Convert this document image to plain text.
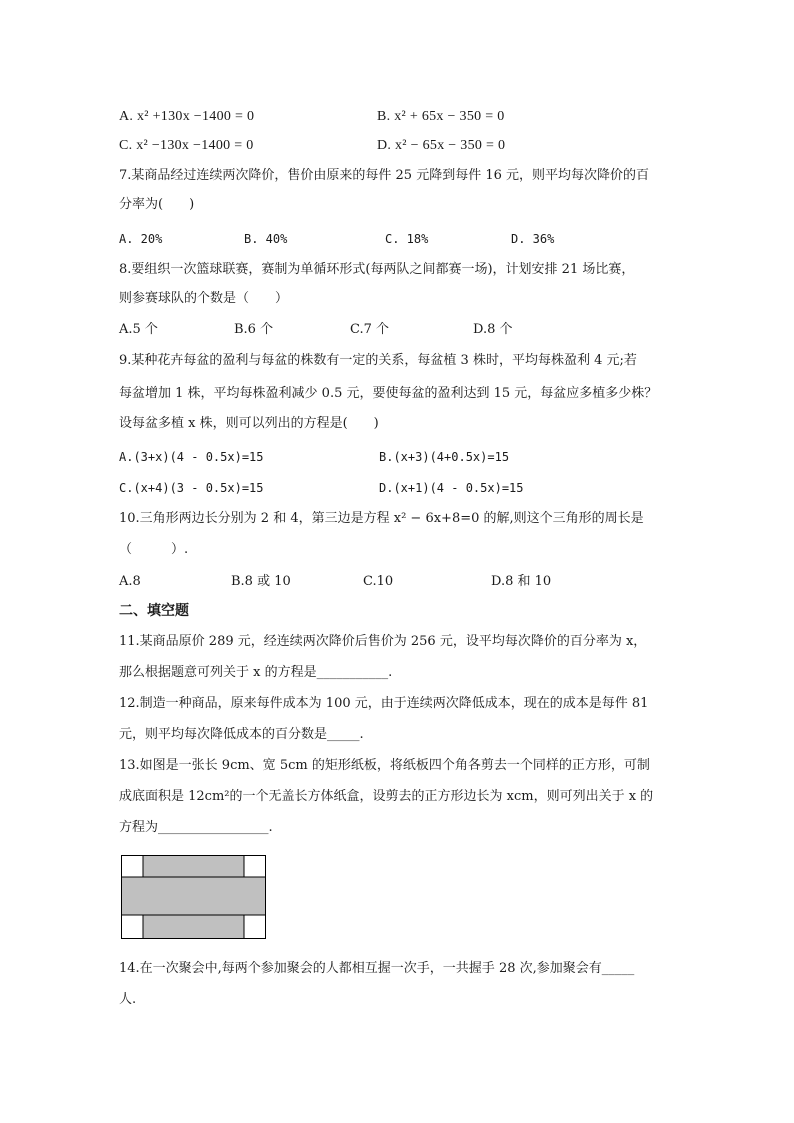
A. x² +130x −1400 = 0	B. x² + 65x − 350 = 0
C. x² −130x −1400 = 0	D. x² − 65x − 350 = 0
7.某商品经过连续两次降价，售价由原来的每件 25 元降到每件 16 元，则平均每次降价的百
分率为(　　)
A. 20%	B. 40%	C. 18%	D. 36%
8.要组织一次篮球联赛，赛制为单循环形式(每两队之间都赛一场)，计划安排 21 场比赛，
则参赛球队的个数是（　　）
A.5 个	B.6 个	C.7 个	D.8 个
9.某种花卉每盆的盈利与每盆的株数有一定的关系，每盆植 3 株时，平均每株盈利 4 元;若
每盆增加 1 株，平均每株盈利减少 0.5 元，要使每盆的盈利达到 15 元，每盆应多植多少株？
设每盆多植 x 株，则可以列出的方程是(　　)
A.(3+x)(4 - 0.5x)=15	B.(x+3)(4+0.5x)=15
C.(x+4)(3 - 0.5x)=15	D.(x+1)(4 - 0.5x)=15
10.三角形两边长分别为 2 和 4，第三边是方程 x² − 6x+8=0 的解,则这个三角形的周长是
（　　　）.
A.8	B.8 或 10	C.10	D.8 和 10
二、填空题
11.某商品原价 289 元，经连续两次降价后售价为 256 元，设平均每次降价的百分率为 x，
那么根据题意可列关于 x 的方程是___________.
12.制造一种商品，原来每件成本为 100 元，由于连续两次降低成本，现在的成本是每件 81
元，则平均每次降低成本的百分数是_____.
13.如图是一张长 9cm、宽 5cm 的矩形纸板，将纸板四个角各剪去一个同样的正方形，可制
成底面积是 12cm²的一个无盖长方体纸盒，设剪去的正方形边长为 xcm，则可列出关于 x 的
方程为_________________.
14.在一次聚会中,每两个参加聚会的人都相互握一次手，一共握手 28 次,参加聚会有_____
人.
